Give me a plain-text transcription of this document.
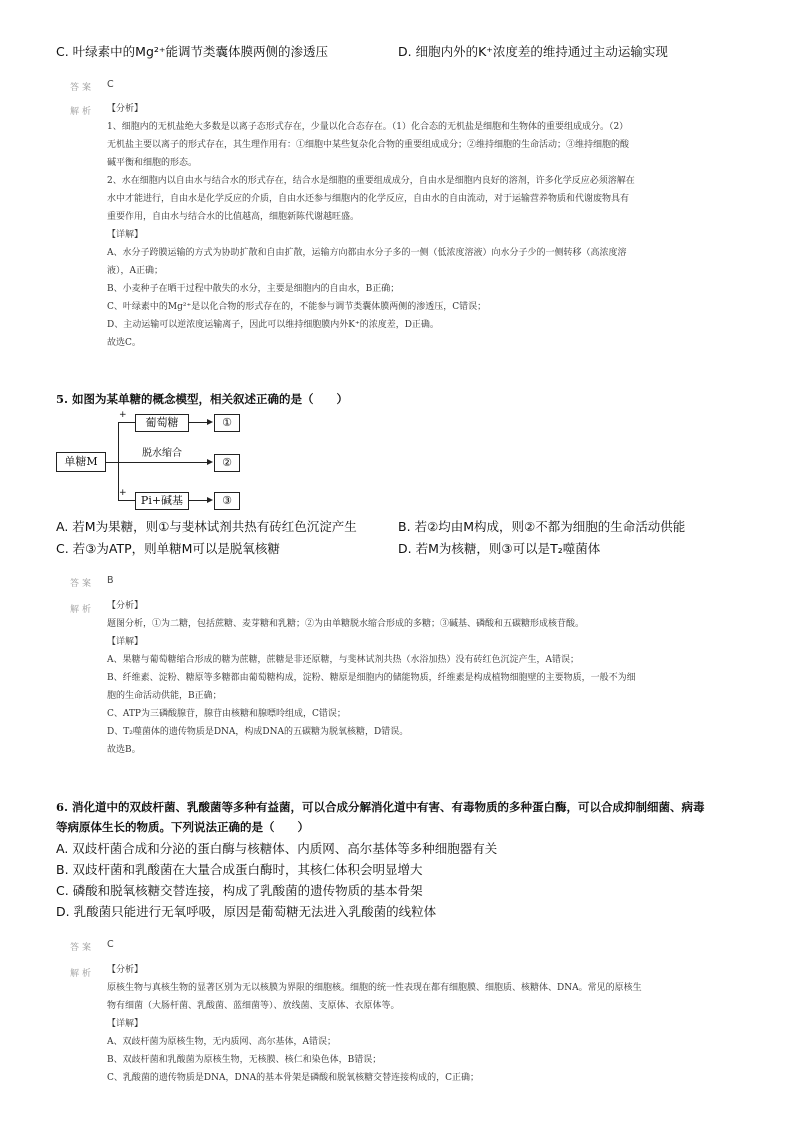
C. 叶绿素中的Mg²⁺能调节类囊体膜两侧的渗透压	D. 细胞内外的K⁺浓度差的维持通过主动运输实现
答案 C
解析 【分析】
1、细胞内的无机盐绝大多数是以离子态形式存在，少量以化合态存在。（1）化合态的无机盐是细胞和生物体的重要组成成分。（2）
无机盐主要以离子的形式存在，其生理作用有：①细胞中某些复杂化合物的重要组成成分；②维持细胞的生命活动；③维持细胞的酸
碱平衡和细胞的形态。
2、水在细胞内以自由水与结合水的形式存在，结合水是细胞的重要组成成分，自由水是细胞内良好的溶剂，许多化学反应必须溶解在
水中才能进行，自由水是化学反应的介质，自由水还参与细胞内的化学反应，自由水的自由流动，对于运输营养物质和代谢废物具有
重要作用，自由水与结合水的比值越高，细胞新陈代谢越旺盛。
【详解】
A、水分子跨膜运输的方式为协助扩散和自由扩散，运输方向都由水分子多的一侧（低浓度溶液）向水分子少的一侧转移（高浓度溶
液），A正确；
B、小麦种子在晒干过程中散失的水分，主要是细胞内的自由水，B正确；
C、叶绿素中的Mg²⁺是以化合物的形式存在的，不能参与调节类囊体膜两侧的渗透压，C错误；
D、主动运输可以逆浓度运输离子，因此可以维持细胞膜内外K⁺的浓度差，D正确。
故选C。
5. 如图为某单糖的概念模型，相关叙述正确的是（　　）
单糖M
+
葡萄糖	①
脱水缩合
②
+
Pi+碱基	③
A. 若M为果糖，则①与斐林试剂共热有砖红色沉淀产生	B. 若②均由M构成，则②不都为细胞的生命活动供能
C. 若③为ATP，则单糖M可以是脱氧核糖	D. 若M为核糖，则③可以是T₂噬菌体
答案 B
解析 【分析】
题图分析，①为二糖，包括蔗糖、麦芽糖和乳糖；②为由单糖脱水缩合形成的多糖；③碱基、磷酸和五碳糖形成核苷酸。
【详解】
A、果糖与葡萄糖缩合形成的糖为蔗糖，蔗糖是非还原糖，与斐林试剂共热（水浴加热）没有砖红色沉淀产生，A错误；
B、纤维素、淀粉、糖原等多糖都由葡萄糖构成，淀粉、糖原是细胞内的储能物质，纤维素是构成植物细胞壁的主要物质，一般不为细
胞的生命活动供能，B正确；
C、ATP为三磷酸腺苷，腺苷由核糖和腺嘌呤组成，C错误；
D、T₂噬菌体的遗传物质是DNA，构成DNA的五碳糖为脱氧核糖，D错误。
故选B。
6. 消化道中的双歧杆菌、乳酸菌等多种有益菌，可以合成分解消化道中有害、有毒物质的多种蛋白酶，可以合成抑制细菌、病毒
等病原体生长的物质。下列说法正确的是（　　）
A. 双歧杆菌合成和分泌的蛋白酶与核糖体、内质网、高尔基体等多种细胞器有关
B. 双歧杆菌和乳酸菌在大量合成蛋白酶时，其核仁体积会明显增大
C. 磷酸和脱氧核糖交替连接，构成了乳酸菌的遗传物质的基本骨架
D. 乳酸菌只能进行无氧呼吸，原因是葡萄糖无法进入乳酸菌的线粒体
答案 C
解析 【分析】
原核生物与真核生物的显著区别为无以核膜为界限的细胞核。细胞的统一性表现在都有细胞膜、细胞质、核糖体、DNA。常见的原核生
物有细菌（大肠杆菌、乳酸菌、蓝细菌等）、放线菌、支原体、衣原体等。
【详解】
A、双歧杆菌为原核生物，无内质网、高尔基体，A错误；
B、双歧杆菌和乳酸菌为原核生物，无核膜、核仁和染色体，B错误；
C、乳酸菌的遗传物质是DNA，DNA的基本骨架是磷酸和脱氧核糖交替连接构成的，C正确；
